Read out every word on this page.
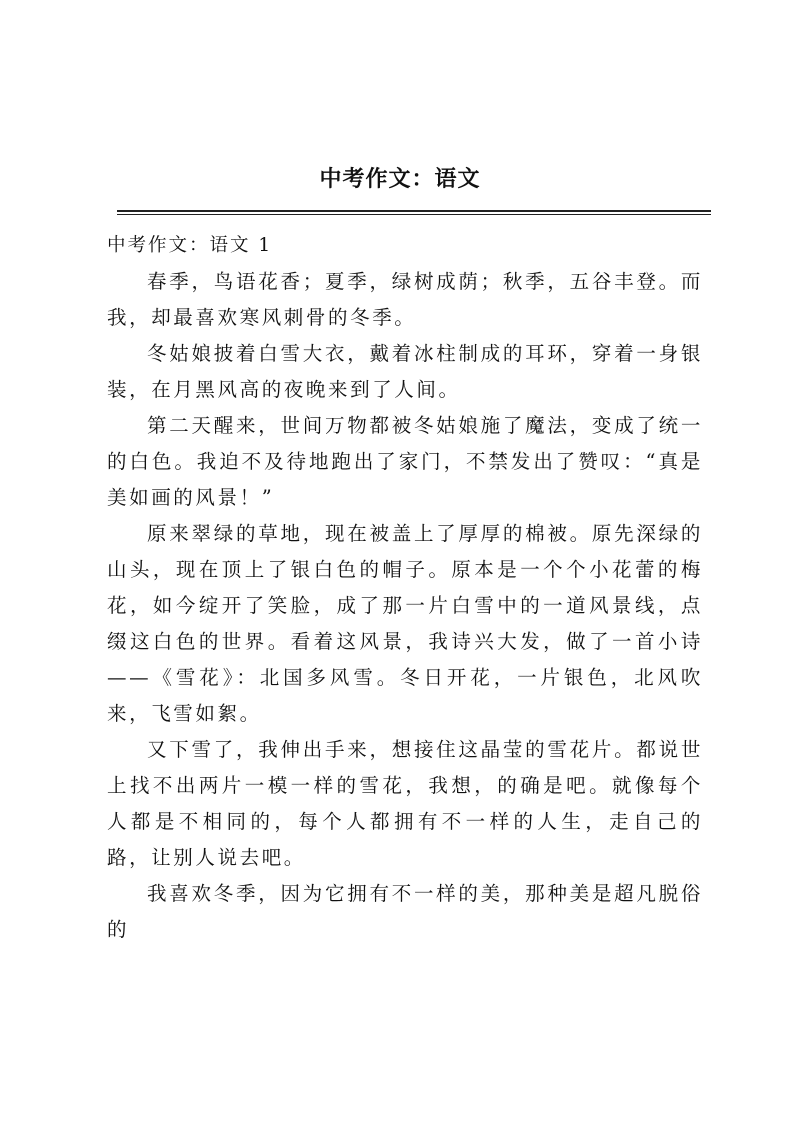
中考作文：语文

中考作文：语文 1

春季，鸟语花香；夏季，绿树成荫；秋季，五谷丰登。而我，却最喜欢寒风刺骨的冬季。

冬姑娘披着白雪大衣，戴着冰柱制成的耳环，穿着一身银装，在月黑风高的夜晚来到了人间。

第二天醒来，世间万物都被冬姑娘施了魔法，变成了统一的白色。我迫不及待地跑出了家门，不禁发出了赞叹：“真是美如画的风景！”

原来翠绿的草地，现在被盖上了厚厚的棉被。原先深绿的山头，现在顶上了银白色的帽子。原本是一个个小花蕾的梅花，如今绽开了笑脸，成了那一片白雪中的一道风景线，点缀这白色的世界。看着这风景，我诗兴大发，做了一首小诗——《雪花》：北国多风雪。冬日开花，一片银色，北风吹来，飞雪如絮。

又下雪了，我伸出手来，想接住这晶莹的雪花片。都说世上找不出两片一模一样的雪花，我想，的确是吧。就像每个人都是不相同的，每个人都拥有不一样的人生，走自己的路，让别人说去吧。

我喜欢冬季，因为它拥有不一样的美，那种美是超凡脱俗的
